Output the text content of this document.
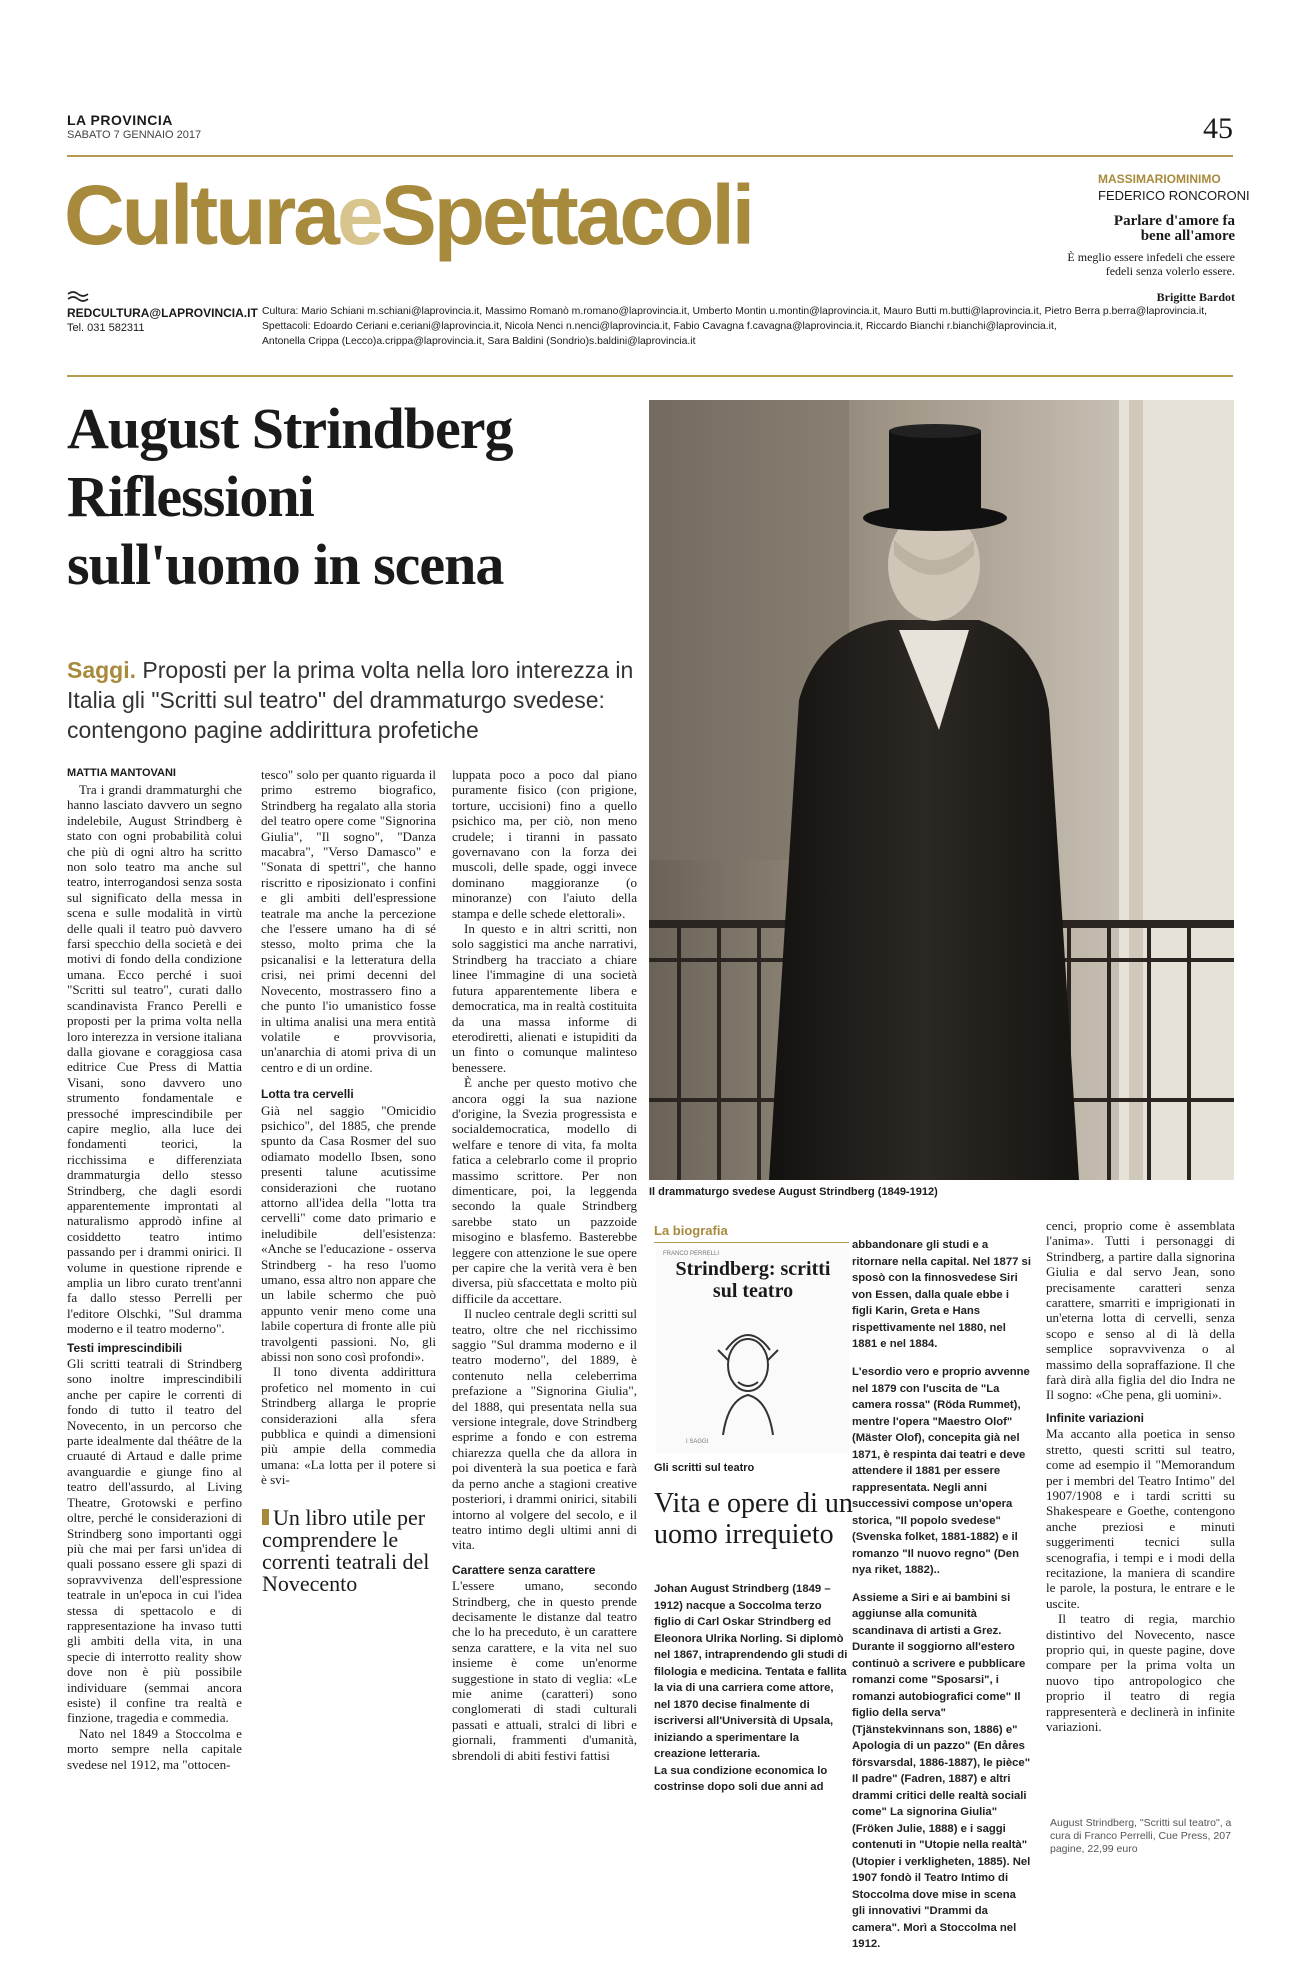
LA PROVINCIA
SABATO 7 GENNAIO 2017	45
CulturaeSpettacoli	MASSIMARIOMINIMO
FEDERICO RONCORONI
Parlare d'amore fa bene all'amore
È meglio essere infedeli che essere fedeli senza volerlo essere.
Brigitte Bardot
REDCULTURA@LAPROVINCIA.IT
Tel. 031 582311
Cultura: Mario Schiani m.schiani@laprovincia.it, Massimo Romanò m.romano@laprovincia.it, Umberto Montin u.montin@laprovincia.it, Mauro Butti m.butti@laprovincia.it, Pietro Berra p.berra@laprovincia.it,
Spettacoli: Edoardo Ceriani e.ceriani@laprovincia.it, Nicola Nenci n.nenci@laprovincia.it, Fabio Cavagna f.cavagna@laprovincia.it, Riccardo Bianchi r.bianchi@laprovincia.it,
Antonella Crippa (Lecco)a.crippa@laprovincia.it, Sara Baldini (Sondrio)s.baldini@laprovincia.it
August Strindberg
Riflessioni
sull'uomo in scena
Saggi. Proposti per la prima volta nella loro interezza in Italia gli "Scritti sul teatro" del drammaturgo svedese: contengono pagine addirittura profetiche
Il drammaturgo svedese August Strindberg (1849-1912)
MATTIA MANTOVANI

Tra i grandi drammaturghi che hanno lasciato davvero un segno indelebile, August Strindberg è stato con ogni probabilità colui che più di ogni altro ha scritto non solo teatro ma anche sul teatro, interrogandosi senza sosta sul significato della messa in scena e sulle modalità in virtù delle quali il teatro può davvero farsi specchio della società e dei motivi di fondo della condizione umana. Ecco perché i suoi "Scritti sul teatro", curati dallo scandinavista Franco Perelli e proposti per la prima volta nella loro interezza in versione italiana dalla giovane e coraggiosa casa editrice Cue Press di Mattia Visani, sono davvero uno strumento fondamentale e pressoché imprescindibile per capire meglio, alla luce dei fondamenti teorici, la ricchissima e differenziata drammaturgia dello stesso Strindberg, che dagli esordi apparentemente improntati al naturalismo approdò infine al cosiddetto teatro intimo passando per i drammi onirici. Il volume in questione riprende e amplia un libro curato trent'anni fa dallo stesso Perrelli per l'editore Olschki, "Sul dramma moderno e il teatro moderno".

Testi imprescindibili

Gli scritti teatrali di Strindberg sono inoltre imprescindibili anche per capire le correnti di fondo di tutto il teatro del Novecento, in un percorso che parte idealmente dal théâtre de la cruauté di Artaud e dalle prime avanguardie e giunge fino al teatro dell'assurdo, al Living Theatre, Grotowski e perfino oltre, perché le considerazioni di Strindberg sono importanti oggi più che mai per farsi un'idea di quali possano essere gli spazi di sopravvivenza dell'espressione teatrale in un'epoca in cui l'idea stessa di spettacolo e di rappresentazione ha invaso tutti gli ambiti della vita, in una specie di interrotto reality show dove non è più possibile individuare (semmai ancora esiste) il confine tra realtà e finzione, tragedia e commedia.

Nato nel 1849 a Stoccolma e morto sempre nella capitale svedese nel 1912, ma "ottocen-

tesco" solo per quanto riguarda il primo estremo biografico, Strindberg ha regalato alla storia del teatro opere come "Signorina Giulia", "Il sogno", "Danza macabra", "Verso Damasco" e "Sonata di spettri", che hanno riscritto e riposizionato i confini e gli ambiti dell'espressione teatrale ma anche la percezione che l'essere umano ha di sé stesso, molto prima che la psicanalisi e la letteratura della crisi, nei primi decenni del Novecento, mostrassero fino a che punto l'io umanistico fosse in ultima analisi una mera entità volatile e provvisoria, un'anarchia di atomi priva di un centro e di un ordine.

Lotta tra cervelli

Già nel saggio "Omicidio psichico", del 1885, che prende spunto da Casa Rosmer del suo odiamato modello Ibsen, sono presenti talune acutissime considerazioni che ruotano attorno all'idea della "lotta tra cervelli" come dato primario e ineludibile dell'esistenza: «Anche se l'educazione - osserva Strindberg - ha reso l'uomo umano, essa altro non appare che un labile schermo che può appunto venir meno come una labile copertura di fronte alle più travolgenti passioni. No, gli abissi non sono così profondi».

Il tono diventa addirittura profetico nel momento in cui Strindberg allarga le proprie considerazioni alla sfera pubblica e quindi a dimensioni più ampie della commedia umana: «La lotta per il potere si è svi-

Un libro utile per comprendere le correnti teatrali del Novecento

luppata poco a poco dal piano puramente fisico (con prigione, torture, uccisioni) fino a quello psichico ma, per ciò, non meno crudele; i tiranni in passato governavano con la forza dei muscoli, delle spade, oggi invece dominano maggioranze (o minoranze) con l'aiuto della stampa e delle schede elettorali».

In questo e in altri scritti, non solo saggistici ma anche narrativi, Strindberg ha tracciato a chiare linee l'immagine di una società futura apparentemente libera e democratica, ma in realtà costituita da una massa informe di eterodiretti, alienati e istupiditi da un finto o comunque malinteso benessere.

È anche per questo motivo che ancora oggi la sua nazione d'origine, la Svezia progressista e socialdemocratica, modello di welfare e tenore di vita, fa molta fatica a celebrarlo come il proprio massimo scrittore. Per non dimenticare, poi, la leggenda secondo la quale Strindberg sarebbe stato un pazzoide misogino e blasfemo. Basterebbe leggere con attenzione le sue opere per capire che la verità vera è ben diversa, più sfaccettata e molto più difficile da accettare.

Il nucleo centrale degli scritti sul teatro, oltre che nel ricchissimo saggio "Sul dramma moderno e il teatro moderno", del 1889, è contenuto nella celeberrima prefazione a "Signorina Giulia", del 1888, qui presentata nella sua versione integrale, dove Strindberg esprime a fondo e con estrema chiarezza quella che da allora in poi diventerà la sua poetica e farà da perno anche a stagioni creative posteriori, i drammi onirici, sitabili intorno al volgere del secolo, e il teatro intimo degli ultimi anni di vita.

Carattere senza carattere

L'essere umano, secondo Strindberg, che in questo prende decisamente le distanze dal teatro che lo ha preceduto, è un carattere senza carattere, e la vita nel suo insieme è come un'enorme suggestione in stato di veglia: «Le mie anime (caratteri) sono conglomerati di stadi culturali passati e attuali, stralci di libri e giornali, frammenti d'umanità, sbrendoli di abiti festivi fattisi

La biografia
FRANCO PERRELLI
Strindberg: scritti sul teatro
I SAGGI
Gli scritti sul teatro
Vita e opere di un uomo irrequieto

Johan August Strindberg (1849 – 1912) nacque a Soccolma terzo figlio di Carl Oskar Strindberg ed Eleonora Ulrika Norling. Si diplomò nel 1867, intraprendendo gli studi di filologia e medicina. Tentata e fallita la via di una carriera come attore, nel 1870 decise finalmente di iscriversi all'Università di Upsala, iniziando a sperimentare la creazione letteraria.

La sua condizione economica lo costrinse dopo soli due anni ad

abbandonare gli studi e a ritornare nella capital. Nel 1877 si sposò con la finnosvedese Siri von Essen, dalla quale ebbe i figli Karin, Greta e Hans rispettivamente nel 1880, nel 1881 e nel 1884.

L'esordio vero e proprio avvenne nel 1879 con l'uscita de "La camera rossa" (Röda Rummet), mentre l'opera "Maestro Olof" (Mäster Olof), concepita già nel 1871, è respinta dai teatri e deve attendere il 1881 per essere rappresentata. Negli anni successivi compose un'opera storica, "Il popolo svedese" (Svenska folket, 1881-1882) e il romanzo "Il nuovo regno" (Den nya riket, 1882)..

Assieme a Siri e ai bambini si aggiunse alla comunità scandinava di artisti a Grez. Durante il soggiorno all'estero continuò a scrivere e pubblicare romanzi come "Sposarsi", i romanzi autobiografici come" Il figlio della serva" (Tjänstekvinnans son, 1886) e" Apologia di un pazzo" (En dåres försvarsdal, 1886-1887), le pièce" Il padre" (Fadren, 1887) e altri drammi critici delle realtà sociali come" La signorina Giulia" (Fröken Julie, 1888) e i saggi contenuti in "Utopie nella realtà" (Utopier i verkligheten, 1885). Nel 1907 fondò il Teatro Intimo di Stoccolma dove mise in scena gli innovativi "Drammi da camera". Morì a Stoccolma nel 1912.

cenci, proprio come è assemblata l'anima». Tutti i personaggi di Strindberg, a partire dalla signorina Giulia e dal servo Jean, sono precisamente caratteri senza carattere, smarriti e imprigionati in un'eterna lotta di cervelli, senza scopo e senso al di là della semplice sopravvivenza o al massimo della sopraffazione. Il che farà dirà alla figlia del dio Indra ne Il sogno: «Che pena, gli uomini».

Infinite variazioni

Ma accanto alla poetica in senso stretto, questi scritti sul teatro, come ad esempio il "Memorandum per i membri del Teatro Intimo" del 1907/1908 e i tardi scritti su Shakespeare e Goethe, contengono anche preziosi e minuti suggerimenti tecnici sulla scenografia, i tempi e i modi della recitazione, la maniera di scandire le parole, la postura, le entrare e le uscite.

Il teatro di regia, marchio distintivo del Novecento, nasce proprio qui, in queste pagine, dove compare per la prima volta un nuovo tipo antropologico che proprio il teatro di regia rappresenterà e declinerà in infinite variazioni.

August Strindberg, "Scritti sul teatro", a cura di Franco Perrelli, Cue Press, 207 pagine, 22,99 euro
